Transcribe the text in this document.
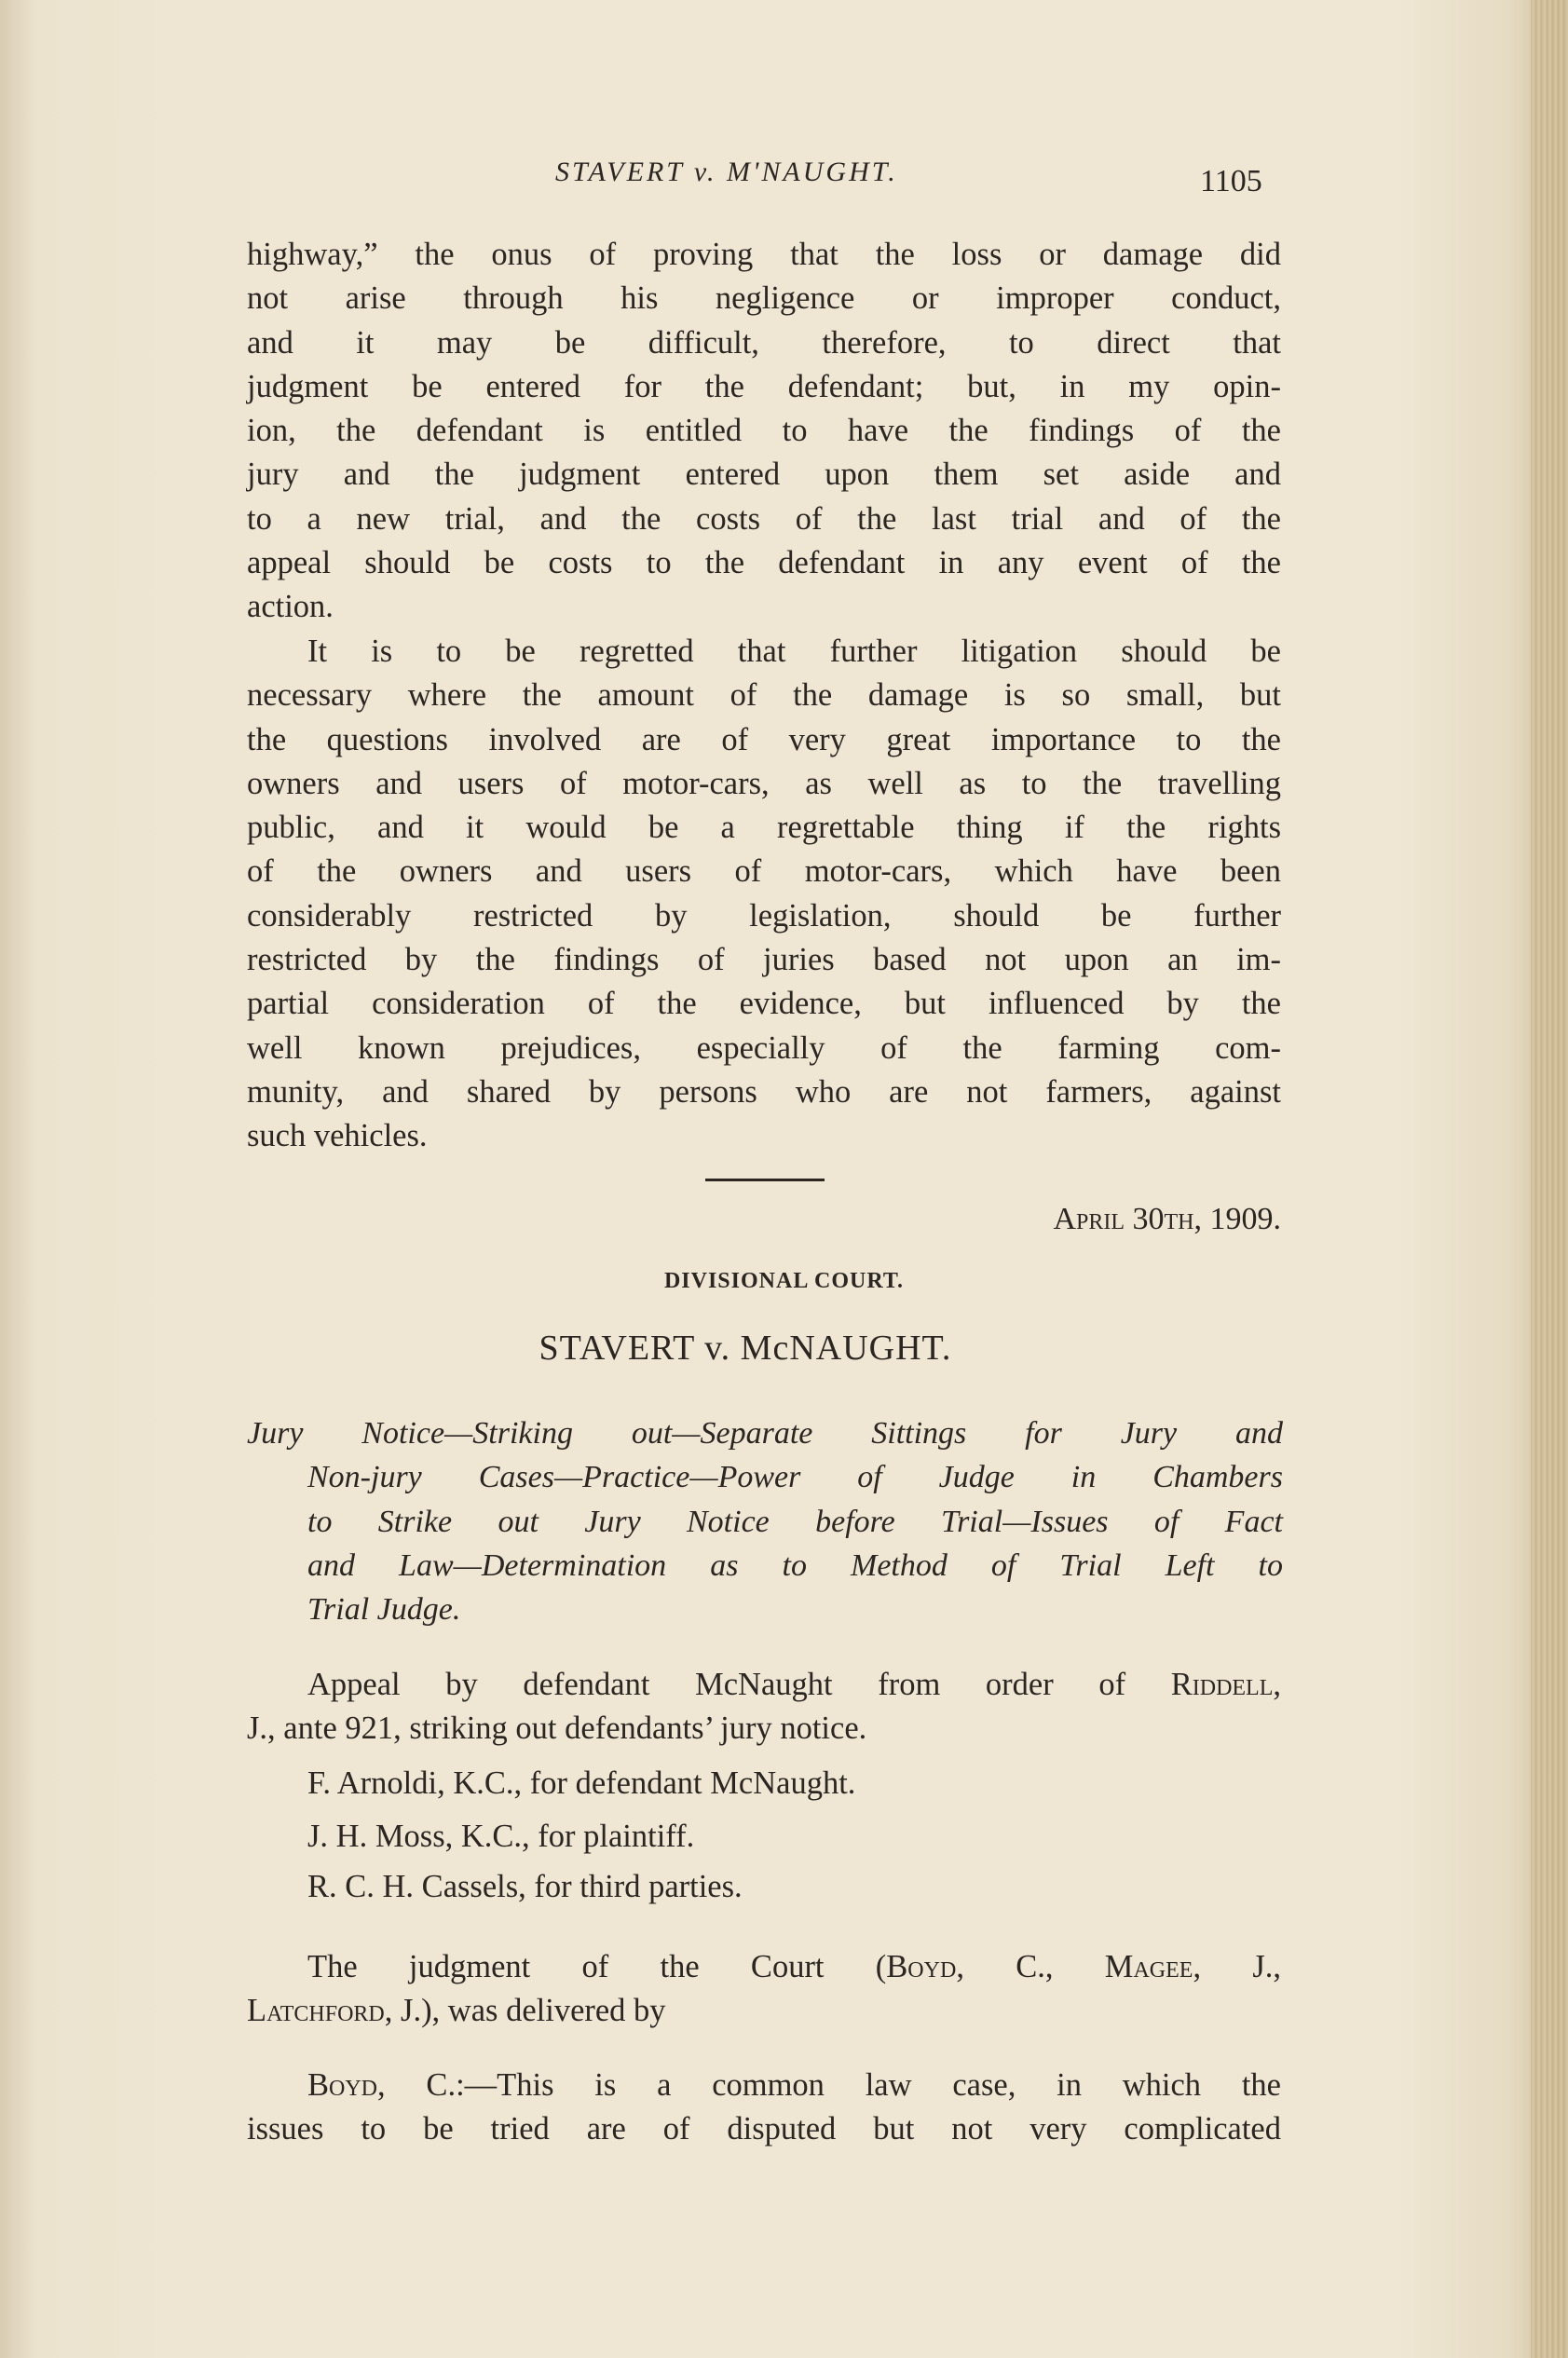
STAVERT v. M'NAUGHT.	1105
highway,” the onus of proving that the loss or damage did
not arise through his negligence or improper conduct,
and it may be difficult, therefore, to direct that
judgment be entered for the defendant; but, in my opin-
ion, the defendant is entitled to have the findings of the
jury and the judgment entered upon them set aside and
to a new trial, and the costs of the last trial and of the
appeal should be costs to the defendant in any event of the
action.
It is to be regretted that further litigation should be
necessary where the amount of the damage is so small, but
the questions involved are of very great importance to the
owners and users of motor-cars, as well as to the travelling
public, and it would be a regrettable thing if the rights
of the owners and users of motor-cars, which have been
considerably restricted by legislation, should be further
restricted by the findings of juries based not upon an im-
partial consideration of the evidence, but influenced by the
well known prejudices, especially of the farming com-
munity, and shared by persons who are not farmers, against
such vehicles.
April 30th, 1909.
DIVISIONAL COURT.
STAVERT v. McNAUGHT.
Jury Notice—Striking out—Separate Sittings for Jury and
Non-jury Cases—Practice—Power of Judge in Chambers
to Strike out Jury Notice before Trial—Issues of Fact
and Law—Determination as to Method of Trial Left to
Trial Judge.
Appeal by defendant McNaught from order of Riddell,
J., ante 921, striking out defendants’ jury notice.
F. Arnoldi, K.C., for defendant McNaught.
J. H. Moss, K.C., for plaintiff.
R. C. H. Cassels, for third parties.
The judgment of the Court (Boyd, C., Magee, J.,
Latchford, J.), was delivered by
Boyd, C.:—This is a common law case, in which the
issues to be tried are of disputed but not very complicated
